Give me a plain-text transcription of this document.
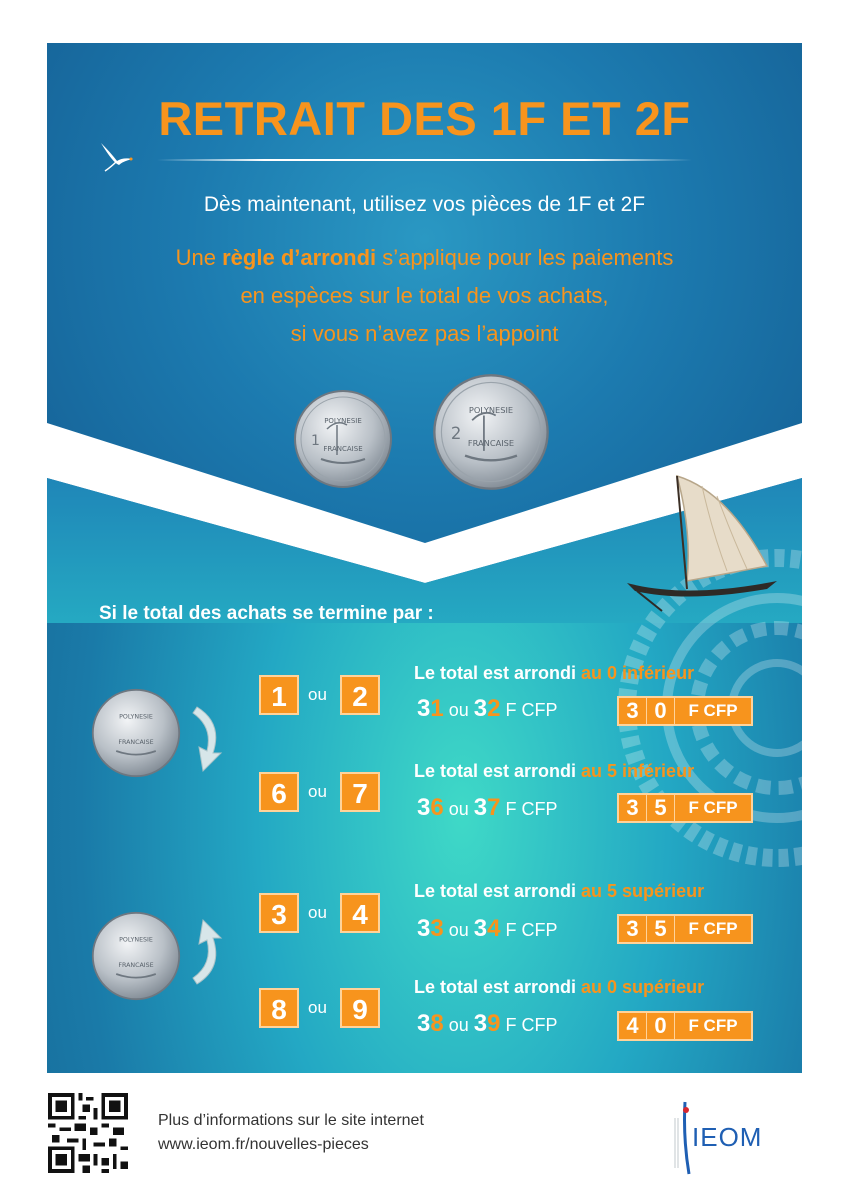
RETRAIT DES 1F ET 2F
Dès maintenant, utilisez vos pièces de 1F et 2F
Une règle d’arrondi s’applique pour les paiements
en espèces sur le total de vos achats,
si vous n’avez pas l’appoint
POLYNESIE
FRANCAISE
1
POLYNESIE
FRANCAISE
2
Si le total des achats se termine par :
POLYNESIE
FRANCAISE
POLYNESIE
FRANCAISE
1	ou 2
Le total est arrondi au 0 inférieur
31 ou 32 F CFP	3 0	F CFP
6	ou 7
Le total est arrondi au 5 inférieur
36 ou 37 F CFP	3 5	F CFP
3	ou 4
Le total est arrondi au 5 supérieur
33 ou 34 F CFP	3 5	F CFP
8	ou 9
Le total est arrondi au 0 supérieur
38 ou 39 F CFP	4 0	F CFP
Plus d’informations sur le site internet
www.ieom.fr/nouvelles-pieces	IEOM
